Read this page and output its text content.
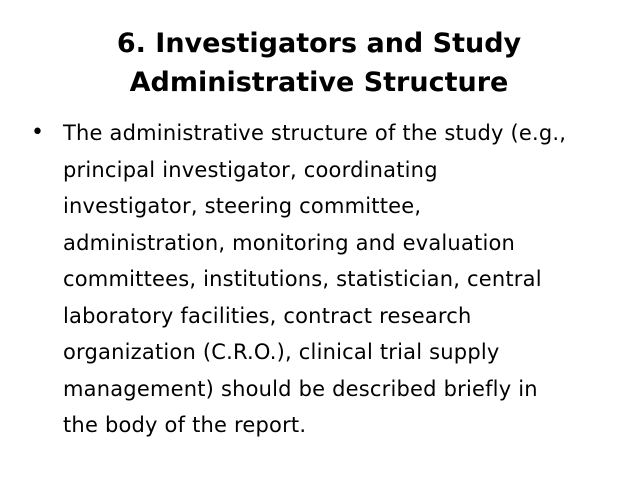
6. Investigators and Study
Administrative Structure
• The administrative structure of the study (e.g.,
principal investigator, coordinating
investigator, steering committee,
administration, monitoring and evaluation
committees, institutions, statistician, central
laboratory facilities, contract research
organization (C.R.O.), clinical trial supply
management) should be described briefly in
the body of the report.
